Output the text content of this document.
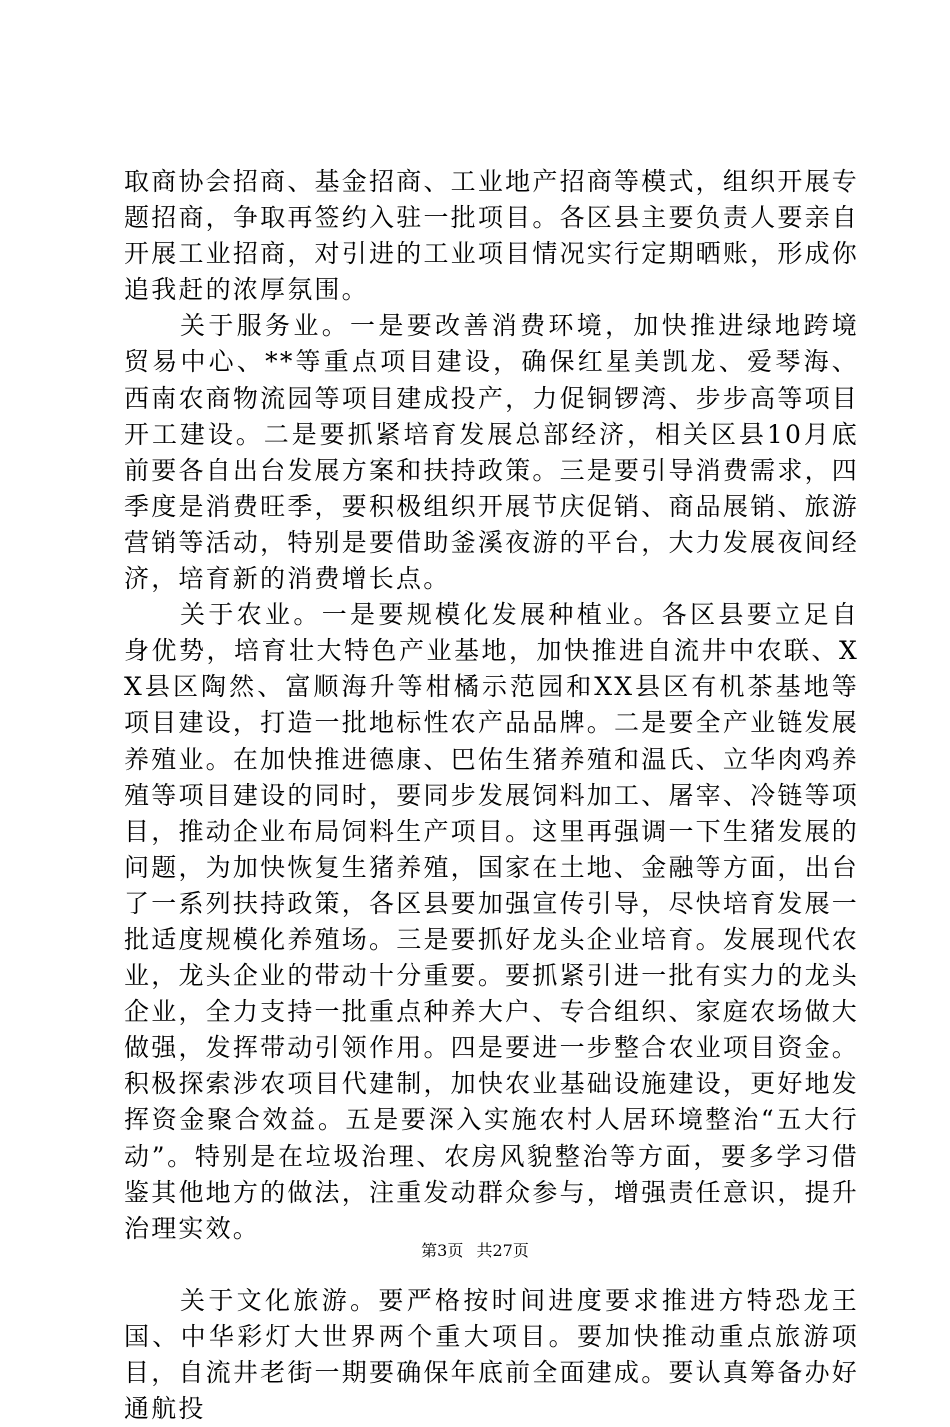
取商协会招商、基金招商、工业地产招商等模式，组织开展专题招商，争取再签约入驻一批项目。各区县主要负责人要亲自开展工业招商，对引进的工业项目情况实行定期晒账，形成你追我赶的浓厚氛围。

关于服务业。一是要改善消费环境，加快推进绿地跨境贸易中心、**等重点项目建设，确保红星美凯龙、爱琴海、西南农商物流园等项目建成投产，力促铜锣湾、步步高等项目开工建设。二是要抓紧培育发展总部经济，相关区县10月底前要各自出台发展方案和扶持政策。三是要引导消费需求，四季度是消费旺季，要积极组织开展节庆促销、商品展销、旅游营销等活动，特别是要借助釜溪夜游的平台，大力发展夜间经济，培育新的消费增长点。

关于农业。一是要规模化发展种植业。各区县要立足自身优势，培育壮大特色产业基地，加快推进自流井中农联、XX县区陶然、富顺海升等柑橘示范园和XX县区有机茶基地等项目建设，打造一批地标性农产品品牌。二是要全产业链发展养殖业。在加快推进德康、巴佑生猪养殖和温氏、立华肉鸡养殖等项目建设的同时，要同步发展饲料加工、屠宰、冷链等项目，推动企业布局饲料生产项目。这里再强调一下生猪发展的问题，为加快恢复生猪养殖，国家在土地、金融等方面，出台了一系列扶持政策，各区县要加强宣传引导，尽快培育发展一批适度规模化养殖场。三是要抓好龙头企业培育。发展现代农业，龙头企业的带动十分重要。要抓紧引进一批有实力的龙头企业，全力支持一批重点种养大户、专合组织、家庭农场做大做强，发挥带动引领作用。四是要进一步整合农业项目资金。积极探索涉农项目代建制，加快农业基础设施建设，更好地发挥资金聚合效益。五是要深入实施农村人居环境整治“五大行动”。特别是在垃圾治理、农房风貌整治等方面，要多学习借鉴其他地方的做法，注重发动群众参与，增强责任意识，提升治理实效。

关于文化旅游。要严格按时间进度要求推进方特恐龙王国、中华彩灯大世界两个重大项目。要加快推动重点旅游项目，自流井老街一期要确保年底前全面建成。要认真筹备办好通航投

第3页 共27页
